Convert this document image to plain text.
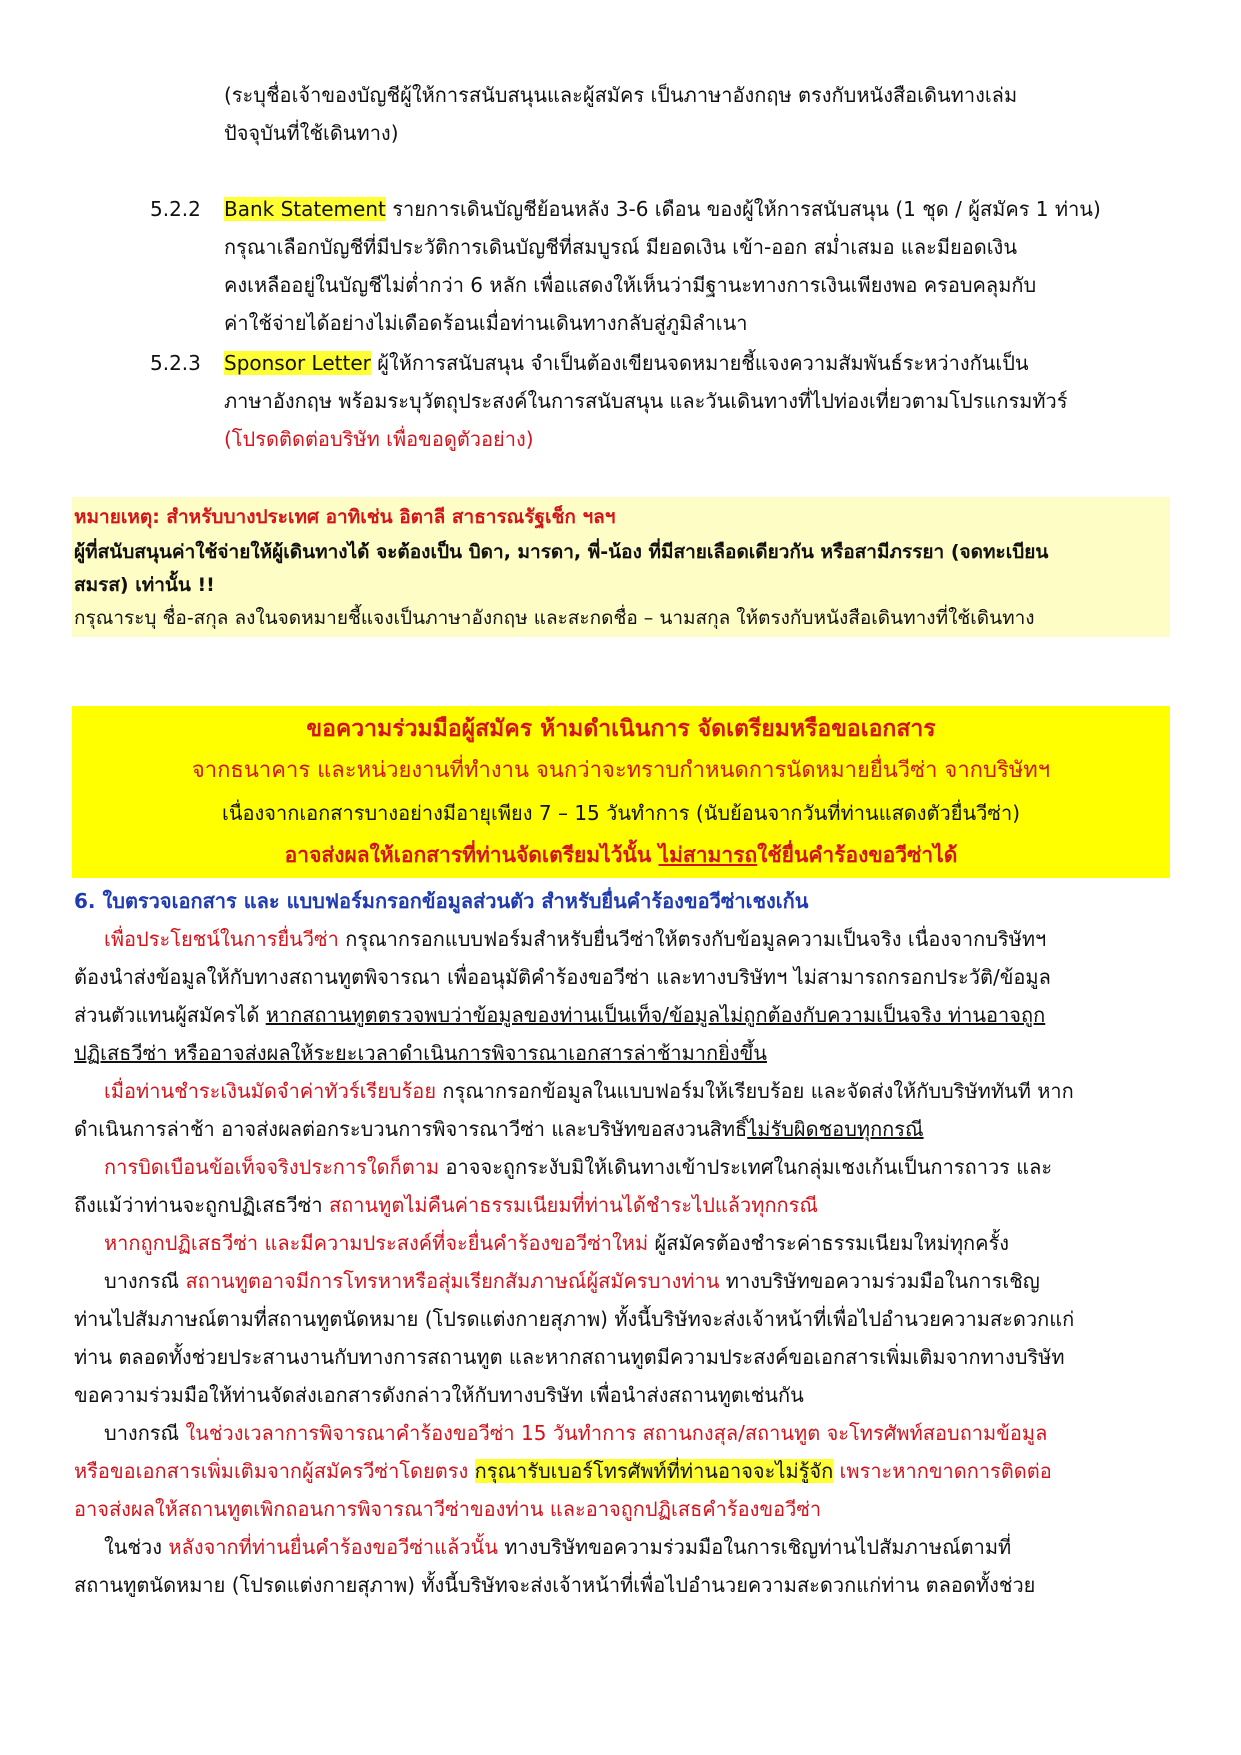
(ระบุชื่อเจ้าของบัญชีผู้ให้การสนับสนุนและผู้สมัคร เป็นภาษาอังกฤษ ตรงกับหนังสือเดินทางเล่ม
ปัจจุบันที่ใช้เดินทาง)
5.2.2 Bank Statement รายการเดินบัญชีย้อนหลัง 3-6 เดือน ของผู้ให้การสนับสนุน (1 ชุด / ผู้สมัคร 1 ท่าน)
กรุณาเลือกบัญชีที่มีประวัติการเดินบัญชีที่สมบูรณ์ มียอดเงิน เข้า-ออก สม่ำเสมอ และมียอดเงิน
คงเหลืออยู่ในบัญชีไม่ต่ำกว่า 6 หลัก เพื่อแสดงให้เห็นว่ามีฐานะทางการเงินเพียงพอ ครอบคลุมกับ
ค่าใช้จ่ายได้อย่างไม่เดือดร้อนเมื่อท่านเดินทางกลับสู่ภูมิลำเนา
5.2.3 Sponsor Letter ผู้ให้การสนับสนุน จำเป็นต้องเขียนจดหมายชี้แจงความสัมพันธ์ระหว่างกันเป็น
ภาษาอังกฤษ พร้อมระบุวัตถุประสงค์ในการสนับสนุน และวันเดินทางที่ไปท่องเที่ยวตามโปรแกรมทัวร์
(โปรดติดต่อบริษัท เพื่อขอดูตัวอย่าง)
หมายเหตุ: สำหรับบางประเทศ อาทิเช่น อิตาลี สาธารณรัฐเช็ก ฯลฯ
ผู้ที่สนับสนุนค่าใช้จ่ายให้ผู้เดินทางได้ จะต้องเป็น บิดา, มารดา, พี่-น้อง ที่มีสายเลือดเดียวกัน หรือสามีภรรยา (จดทะเบียน
สมรส) เท่านั้น !!
กรุณาระบุ ชื่อ-สกุล ลงในจดหมายชี้แจงเป็นภาษาอังกฤษ และสะกดชื่อ – นามสกุล ให้ตรงกับหนังสือเดินทางที่ใช้เดินทาง
ขอความร่วมมือผู้สมัคร ห้ามดำเนินการ จัดเตรียมหรือขอเอกสาร
จากธนาคาร และหน่วยงานที่ทำงาน จนกว่าจะทราบกำหนดการนัดหมายยื่นวีซ่า จากบริษัทฯ
เนื่องจากเอกสารบางอย่างมีอายุเพียง 7 – 15 วันทำการ (นับย้อนจากวันที่ท่านแสดงตัวยื่นวีซ่า)
อาจส่งผลให้เอกสารที่ท่านจัดเตรียมไว้นั้น ไม่สามารถใช้ยื่นคำร้องขอวีซ่าได้
6. ใบตรวจเอกสาร และ แบบฟอร์มกรอกข้อมูลส่วนตัว สำหรับยื่นคำร้องขอวีซ่าเชงเก้น
เพื่อประโยชน์ในการยื่นวีซ่า กรุณากรอกแบบฟอร์มสำหรับยื่นวีซ่าให้ตรงกับข้อมูลความเป็นจริง เนื่องจากบริษัทฯ
ต้องนำส่งข้อมูลให้กับทางสถานทูตพิจารณา เพื่ออนุมัติคำร้องขอวีซ่า และทางบริษัทฯ ไม่สามารถกรอกประวัติ/ข้อมูล
ส่วนตัวแทนผู้สมัครได้ หากสถานทูตตรวจพบว่าข้อมูลของท่านเป็นเท็จ/ข้อมูลไม่ถูกต้องกับความเป็นจริง ท่านอาจถูก
ปฏิเสธวีซ่า หรืออาจส่งผลให้ระยะเวลาดำเนินการพิจารณาเอกสารล่าช้ามากยิ่งขึ้น
เมื่อท่านชำระเงินมัดจำค่าทัวร์เรียบร้อย กรุณากรอกข้อมูลในแบบฟอร์มให้เรียบร้อย และจัดส่งให้กับบริษัททันที หาก
ดำเนินการล่าช้า อาจส่งผลต่อกระบวนการพิจารณาวีซ่า และบริษัทขอสงวนสิทธิ์ไม่รับผิดชอบทุกกรณี
การบิดเบือนข้อเท็จจริงประการใดก็ตาม อาจจะถูกระงับมิให้เดินทางเข้าประเทศในกลุ่มเชงเก้นเป็นการถาวร และ
ถึงแม้ว่าท่านจะถูกปฏิเสธวีซ่า สถานทูตไม่คืนค่าธรรมเนียมที่ท่านได้ชำระไปแล้วทุกกรณี
หากถูกปฏิเสธวีซ่า และมีความประสงค์ที่จะยื่นคำร้องขอวีซ่าใหม่ ผู้สมัครต้องชำระค่าธรรมเนียมใหม่ทุกครั้ง
บางกรณี สถานทูตอาจมีการโทรหาหรือสุ่มเรียกสัมภาษณ์ผู้สมัครบางท่าน ทางบริษัทขอความร่วมมือในการเชิญ
ท่านไปสัมภาษณ์ตามที่สถานทูตนัดหมาย (โปรดแต่งกายสุภาพ) ทั้งนี้บริษัทจะส่งเจ้าหน้าที่เพื่อไปอำนวยความสะดวกแก่
ท่าน ตลอดทั้งช่วยประสานงานกับทางการสถานทูต และหากสถานทูตมีความประสงค์ขอเอกสารเพิ่มเติมจากทางบริษัท
ขอความร่วมมือให้ท่านจัดส่งเอกสารดังกล่าวให้กับทางบริษัท เพื่อนำส่งสถานทูตเช่นกัน
บางกรณี ในช่วงเวลาการพิจารณาคำร้องขอวีซ่า 15 วันทำการ สถานกงสุล/สถานทูต จะโทรศัพท์สอบถามข้อมูล
หรือขอเอกสารเพิ่มเติมจากผู้สมัครวีซ่าโดยตรง กรุณารับเบอร์โทรศัพท์ที่ท่านอาจจะไม่รู้จัก เพราะหากขาดการติดต่อ
อาจส่งผลให้สถานทูตเพิกถอนการพิจารณาวีซ่าของท่าน และอาจถูกปฏิเสธคำร้องขอวีซ่า
ในช่วง หลังจากที่ท่านยื่นคำร้องขอวีซ่าแล้วนั้น ทางบริษัทขอความร่วมมือในการเชิญท่านไปสัมภาษณ์ตามที่
สถานทูตนัดหมาย (โปรดแต่งกายสุภาพ) ทั้งนี้บริษัทจะส่งเจ้าหน้าที่เพื่อไปอำนวยความสะดวกแก่ท่าน ตลอดทั้งช่วย
